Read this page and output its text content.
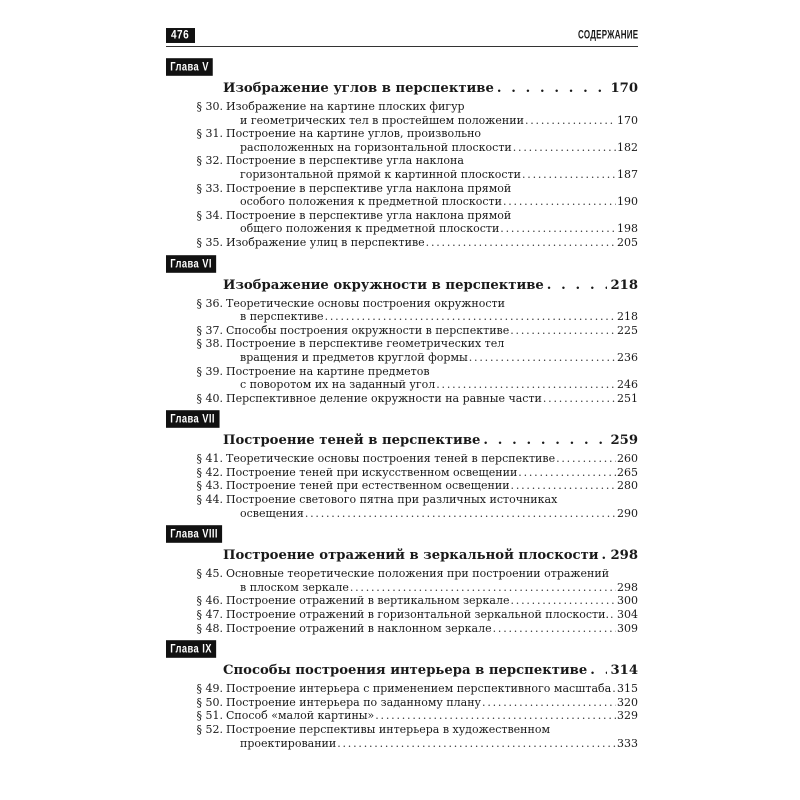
476	СОДЕРЖАНИЕ
Глава V
Изображение углов в перспективе . . .	170
§ 30. Изображение на картине плоских фигур
и геометрических тел в простейшем положении .....	170
§ 31. Построение на картине углов, произвольно
расположенных на горизонтальной плоскости .....	182
§ 32. Построение в перспективе угла наклона
горизонтальной прямой к картинной плоскости .....	187
§ 33. Построение в перспективе угла наклона прямой
особого положения к предметной плоскости .....	190
§ 34. Построение в перспективе угла наклона прямой
общего положения к предметной плоскости .....	198
§ 35. Изображение улиц в перспективе .....	205
Глава VI
Изображение окружности в перспективе . . .	218
§ 36. Теоретические основы построения окружности
в перспективе .....	218
§ 37. Способы построения окружности в перспективе .....	225
§ 38. Построение в перспективе геометрических тел
вращения и предметов круглой формы .....	236
§ 39. Построение на картине предметов
с поворотом их на заданный угол .....	246
§ 40. Перспективное деление окружности на равные части .....	251
Глава VII
Построение теней в перспективе . . .	259
§ 41. Теоретические основы построения теней в перспективе .....	260
§ 42. Построение теней при искусственном освещении .....	265
§ 43. Построение теней при естественном освещении .....	280
§ 44. Построение светового пятна при различных источниках
освещения .....	290
Глава VIII
Построение отражений в зеркальной плоскости . . . 298
§ 45. Основные теоретические положения при построении отражений
в плоском зеркале .....	298
§ 46. Построение отражений в вертикальном зеркале .....	300
§ 47. Построение отражений в горизонтальной зеркальной плоскости. ..... 304
§ 48. Построение отражений в наклонном зеркале .....	309
Глава IX
Способы построения интерьера в перспективе . . . 314
§ 49. Построение интерьера с применением перспективного масштаба ..... 315
§ 50. Построение интерьера по заданному плану .....	320
§ 51. Способ «малой картины» .....	329
§ 52. Построение перспективы интерьера в художественном
проектировании .....	333
